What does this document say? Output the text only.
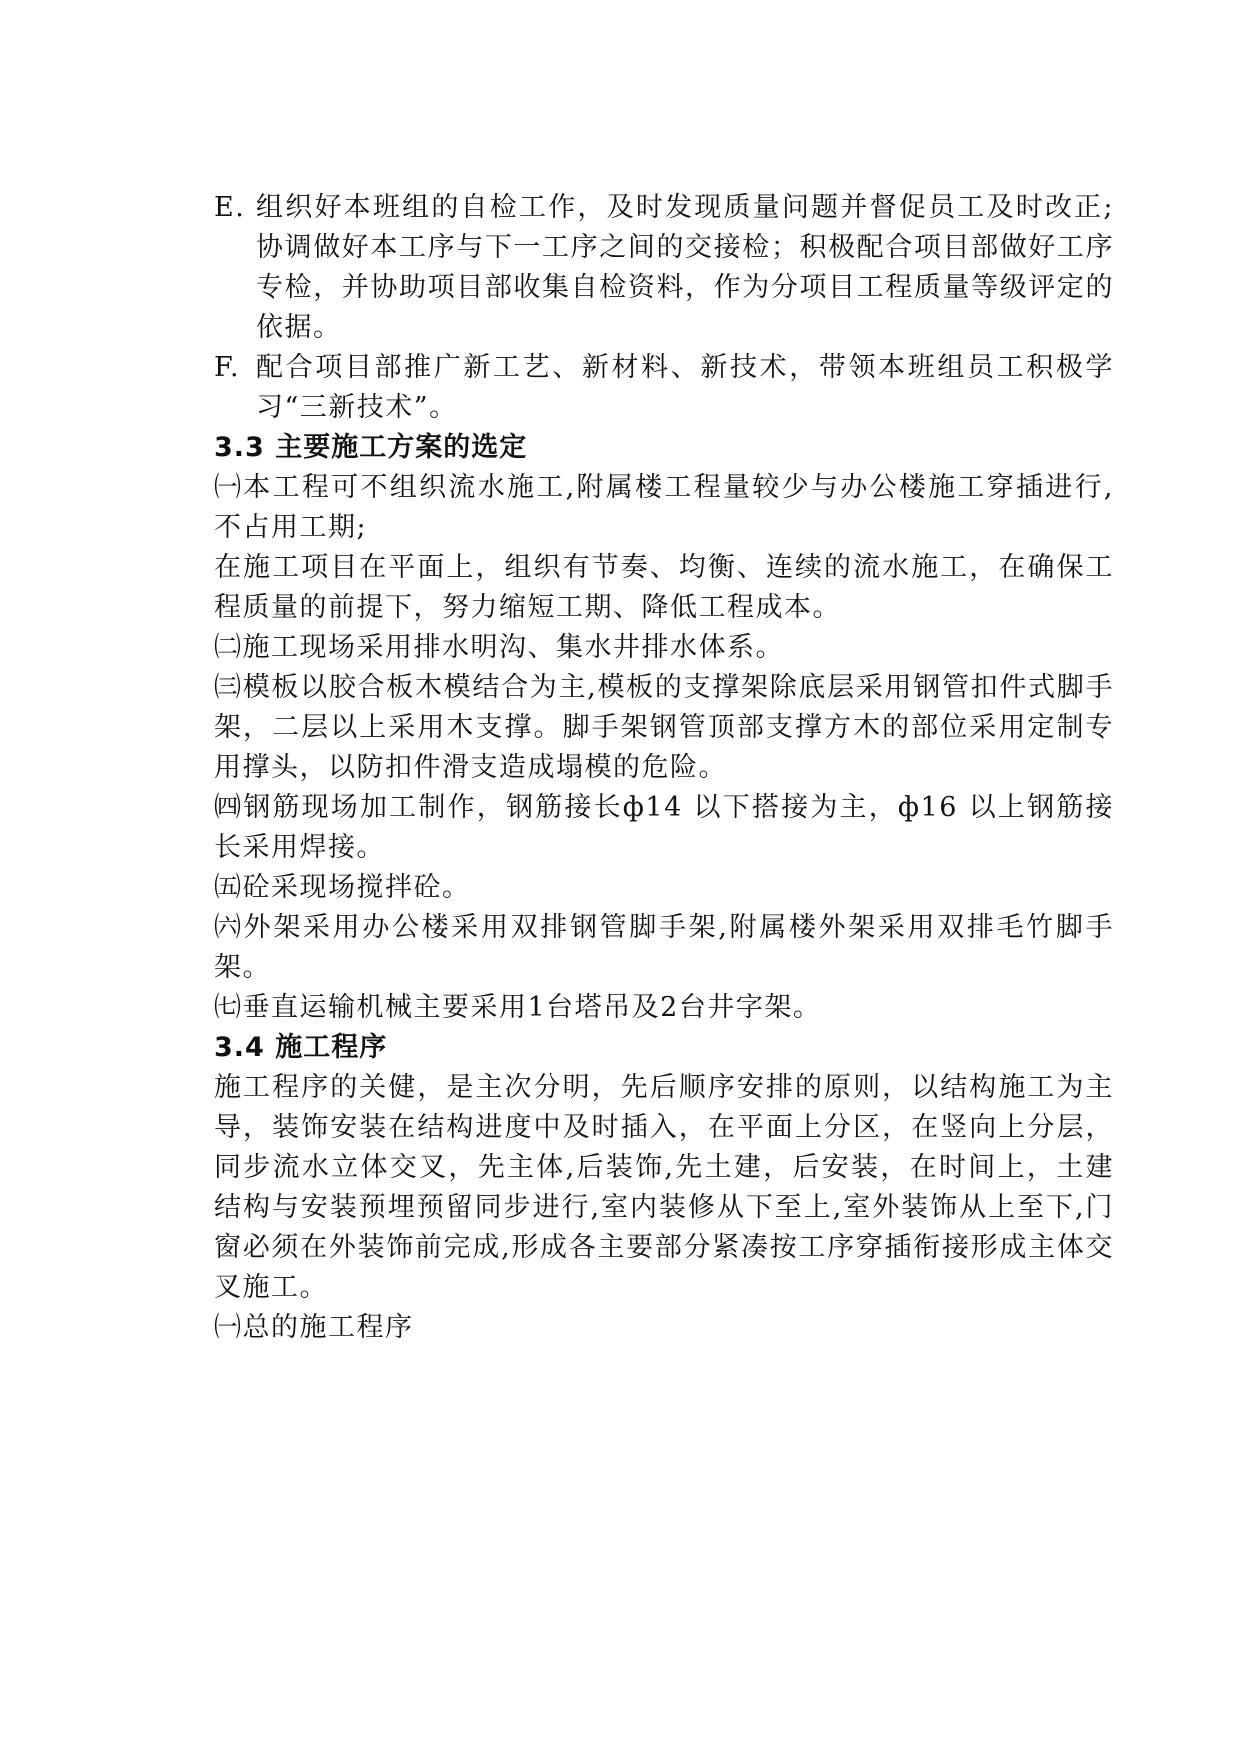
E. 组织好本班组的自检工作，及时发现质量问题并督促员工及时改正;协调做好本工序与下一工序之间的交接检；积极配合项目部做好工序专检，并协助项目部收集自检资料，作为分项目工程质量等级评定的依据。
F. 配合项目部推广新工艺、新材料、新技术，带领本班组员工积极学习“三新技术”。

3.3 主要施工方案的选定

㈠本工程可不组织流水施工,附属楼工程量较少与办公楼施工穿插进行,不占用工期;

在施工项目在平面上，组织有节奏、均衡、连续的流水施工，在确保工程质量的前提下，努力缩短工期、降低工程成本。

㈡施工现场采用排水明沟、集水井排水体系。

㈢模板以胶合板木模结合为主,模板的支撑架除底层采用钢管扣件式脚手架，二层以上采用木支撑。脚手架钢管顶部支撑方木的部位采用定制专用撑头，以防扣件滑支造成塌模的危险。

㈣钢筋现场加工制作，钢筋接长ф14 以下搭接为主，ф16 以上钢筋接长采用焊接。

㈤砼采现场搅拌砼。

㈥外架采用办公楼采用双排钢管脚手架,附属楼外架采用双排毛竹脚手架。

㈦垂直运输机械主要采用1台塔吊及2台井字架。

3.4 施工程序

施工程序的关健，是主次分明，先后顺序安排的原则，以结构施工为主导，装饰安装在结构进度中及时插入，在平面上分区，在竖向上分层，同步流水立体交叉，先主体,后装饰,先土建，后安装，在时间上，土建结构与安装预埋预留同步进行,室内装修从下至上,室外装饰从上至下,门窗必须在外装饰前完成,形成各主要部分紧凑按工序穿插衔接形成主体交叉施工。

㈠总的施工程序
